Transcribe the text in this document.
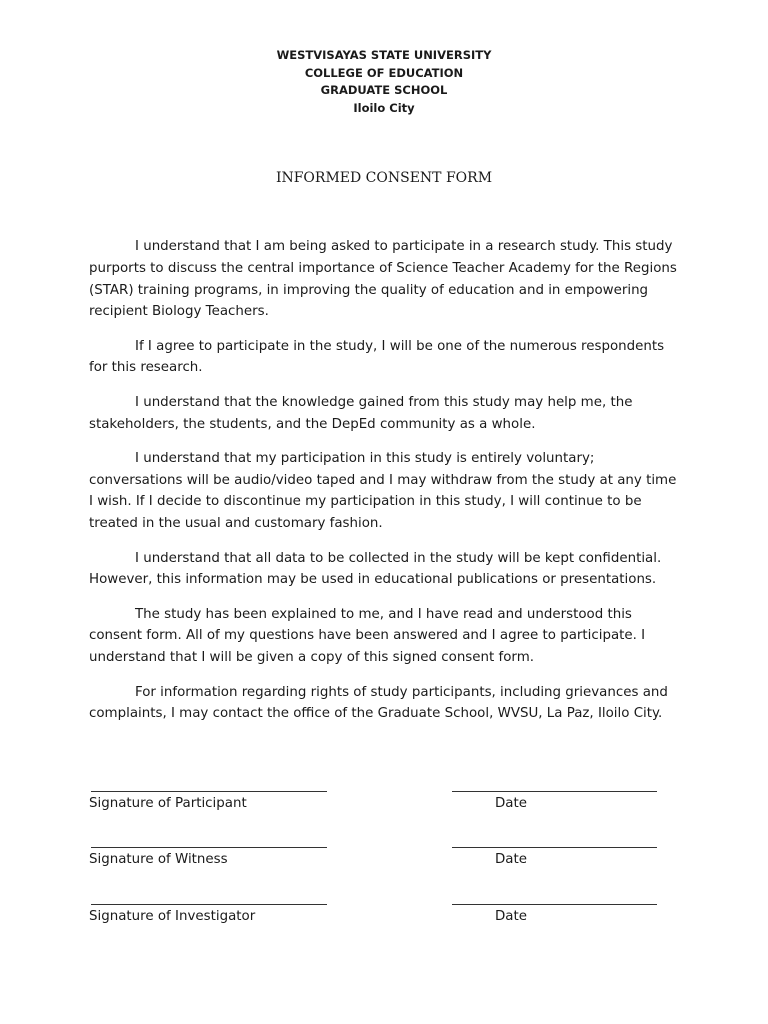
WESTVISAYAS STATE UNIVERSITY
COLLEGE OF EDUCATION
GRADUATE SCHOOL
Iloilo City
INFORMED CONSENT FORM

I understand that I am being asked to participate in a research study. This study purports to discuss the central importance of Science Teacher Academy for the Regions (STAR) training programs, in improving the quality of education and in empowering recipient Biology Teachers.

If I agree to participate in the study, I will be one of the numerous respondents for this research.

I understand that the knowledge gained from this study may help me, the stakeholders, the students, and the DepEd community as a whole.

I understand that my participation in this study is entirely voluntary; conversations will be audio/video taped and I may withdraw from the study at any time I wish. If I decide to discontinue my participation in this study, I will continue to be treated in the usual and customary fashion.

I understand that all data to be collected in the study will be kept confidential. However, this information may be used in educational publications or presentations.

The study has been explained to me, and I have read and understood this consent form. All of my questions have been answered and I agree to participate. I understand that I will be given a copy of this signed consent form.

For information regarding rights of study participants, including grievances and complaints, I may contact the office of the Graduate School, WVSU, La Paz, Iloilo City.

Signature of Participant	Date
Signature of Witness	Date
Signature of Investigator	Date
